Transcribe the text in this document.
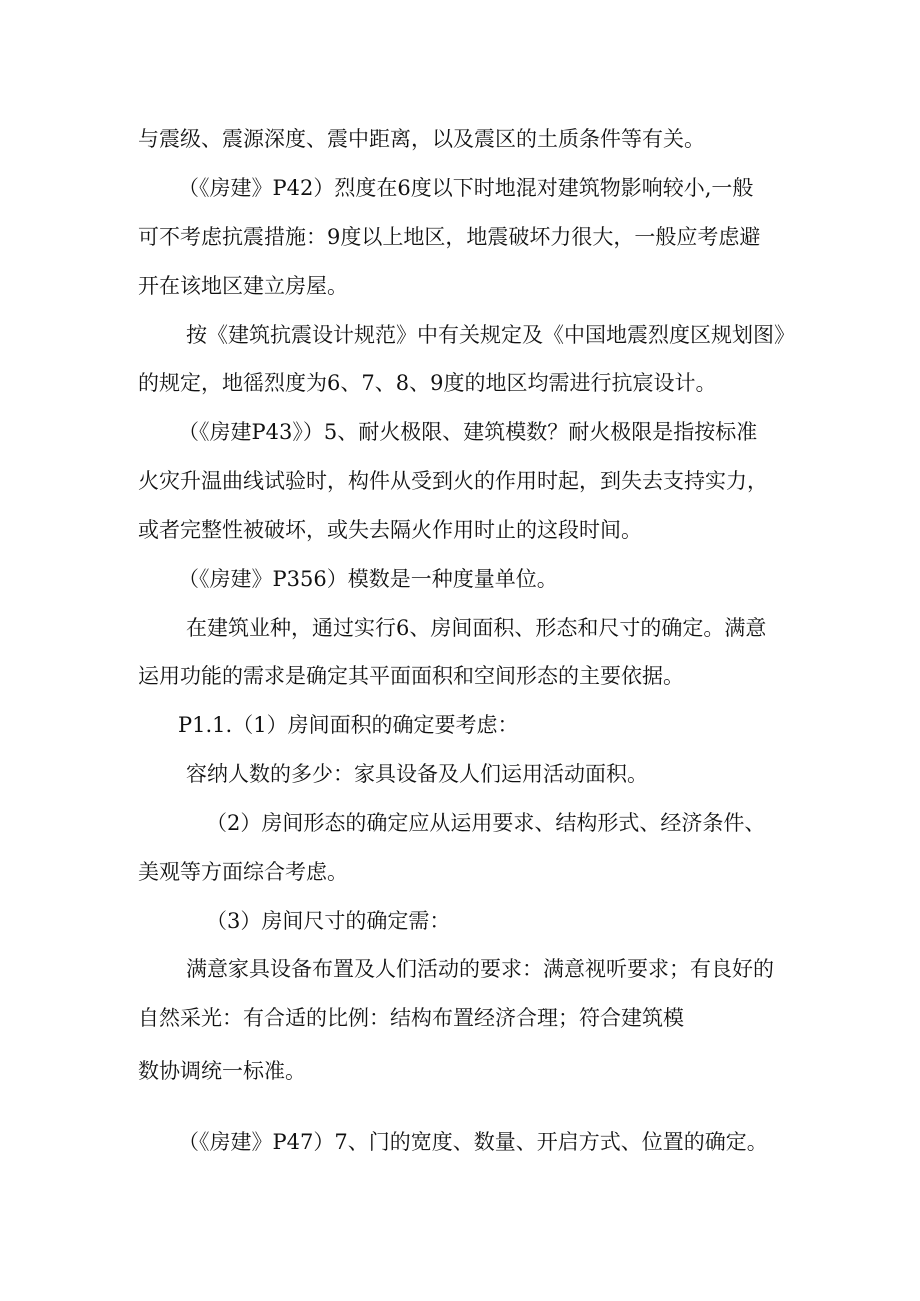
与震级、震源深度、震中距离，以及震区的土质条件等有关。
（《房建》P42）烈度在6度以下时地混对建筑物影响较小,一般
可不考虑抗震措施：9度以上地区，地震破坏力很大，一般应考虑避
开在该地区建立房屋。
按《建筑抗震设计规范》中有关规定及《中国地震烈度区规划图》
的规定，地徭烈度为6、7、8、9度的地区均需进行抗宸设计。
（《房建P43》）5、耐火极限、建筑模数？耐火极限是指按标准
火灾升温曲线试验时，构件从受到火的作用时起，到失去支持实力，
或者完整性被破坏，或失去隔火作用时止的这段时间。
（《房建》P356）模数是一种度量单位。
在建筑业种，通过实行6、房间面积、形态和尺寸的确定。满意
运用功能的需求是确定其平面面积和空间形态的主要依据。
P1.1.（1）房间面积的确定要考虑：
容纳人数的多少：家具设备及人们运用活动面积。
（2）房间形态的确定应从运用要求、结构形式、经济条件、
美观等方面综合考虑。
（3）房间尺寸的确定需：
满意家具设备布置及人们活动的要求：满意视听要求；有良好的
自然采光：有合适的比例：结构布置经济合理；符合建筑模
数协调统一标准。
（《房建》P47）7、门的宽度、数量、开启方式、位置的确定。
